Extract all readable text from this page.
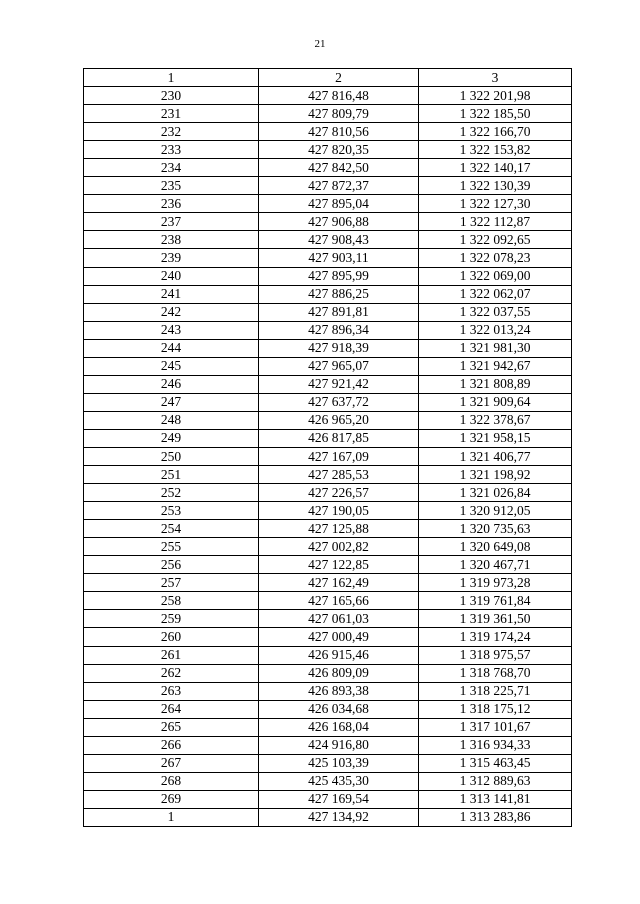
21
1	2	3
230	427 816,48	1 322 201,98
231	427 809,79	1 322 185,50
232	427 810,56	1 322 166,70
233	427 820,35	1 322 153,82
234	427 842,50	1 322 140,17
235	427 872,37	1 322 130,39
236	427 895,04	1 322 127,30
237	427 906,88	1 322 112,87
238	427 908,43	1 322 092,65
239	427 903,11	1 322 078,23
240	427 895,99	1 322 069,00
241	427 886,25	1 322 062,07
242	427 891,81	1 322 037,55
243	427 896,34	1 322 013,24
244	427 918,39	1 321 981,30
245	427 965,07	1 321 942,67
246	427 921,42	1 321 808,89
247	427 637,72	1 321 909,64
248	426 965,20	1 322 378,67
249	426 817,85	1 321 958,15
250	427 167,09	1 321 406,77
251	427 285,53	1 321 198,92
252	427 226,57	1 321 026,84
253	427 190,05	1 320 912,05
254	427 125,88	1 320 735,63
255	427 002,82	1 320 649,08
256	427 122,85	1 320 467,71
257	427 162,49	1 319 973,28
258	427 165,66	1 319 761,84
259	427 061,03	1 319 361,50
260	427 000,49	1 319 174,24
261	426 915,46	1 318 975,57
262	426 809,09	1 318 768,70
263	426 893,38	1 318 225,71
264	426 034,68	1 318 175,12
265	426 168,04	1 317 101,67
266	424 916,80	1 316 934,33
267	425 103,39	1 315 463,45
268	425 435,30	1 312 889,63
269	427 169,54	1 313 141,81
1	427 134,92	1 313 283,86
